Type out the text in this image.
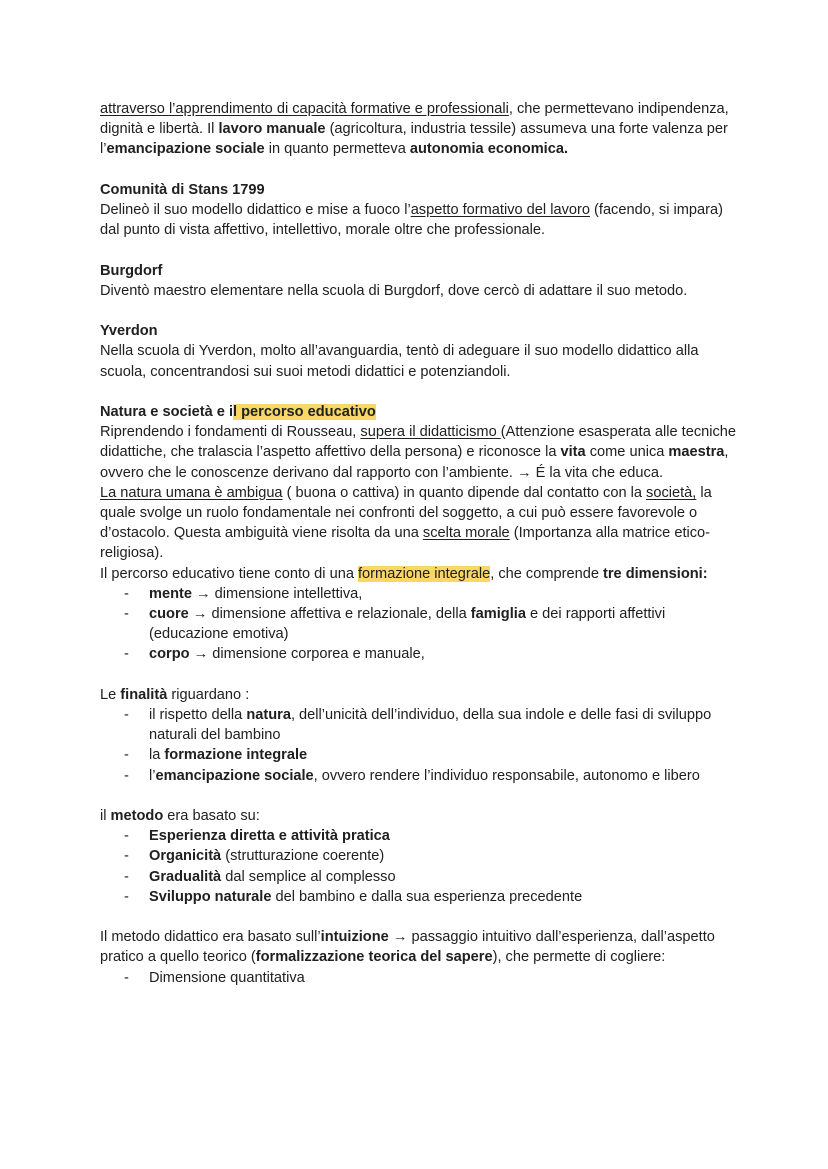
attraverso l’apprendimento di capacità formative e professionali, che permettevano indipendenza, dignità e libertà. Il lavoro manuale (agricoltura, industria tessile) assumeva una forte valenza per l’emancipazione sociale in quanto permetteva autonomia economica.

Comunità di Stans 1799

Delineò il suo modello didattico e mise a fuoco l’aspetto formativo del lavoro (facendo, si impara) dal punto di vista affettivo, intellettivo, morale oltre che professionale.

Burgdorf

Diventò maestro elementare nella scuola di Burgdorf, dove cercò di adattare il suo metodo.

Yverdon

Nella scuola di Yverdon, molto all’avanguardia, tentò di adeguare il suo modello didattico alla scuola, concentrandosi sui suoi metodi didattici e potenziandoli.

Natura e società e il percorso educativo

Riprendendo i fondamenti di Rousseau, supera il didatticismo (Attenzione esasperata alle tecniche didattiche, che tralascia l’aspetto affettivo della persona) e riconosce la vita come unica maestra, ovvero che le conoscenze derivano dal rapporto con l’ambiente. → É la vita che educa.

La natura umana è ambigua ( buona o cattiva) in quanto dipende dal contatto con la società, la quale svolge un ruolo fondamentale nei confronti del soggetto, a cui può essere favorevole o d’ostacolo. Questa ambiguità viene risolta da una scelta morale (Importanza alla matrice etico-religiosa).

Il percorso educativo tiene conto di una formazione integrale, che comprende tre dimensioni:

- mente → dimensione intellettiva,
- cuore → dimensione affettiva e relazionale, della famiglia e dei rapporti affettivi (educazione emotiva)
- corpo → dimensione corporea e manuale,

Le finalità riguardano :

- il rispetto della natura, dell’unicità dell’individuo, della sua indole e delle fasi di sviluppo naturali del bambino
- la formazione integrale
- l’emancipazione sociale, ovvero rendere l’individuo responsabile, autonomo e libero

il metodo era basato su:

- Esperienza diretta e attività pratica
- Organicità (strutturazione coerente)
- Gradualità dal semplice al complesso
- Sviluppo naturale del bambino e dalla sua esperienza precedente

Il metodo didattico era basato sull’intuizione → passaggio intuitivo dall’esperienza, dall’aspetto pratico a quello teorico (formalizzazione teorica del sapere), che permette di cogliere:

- Dimensione quantitativa
